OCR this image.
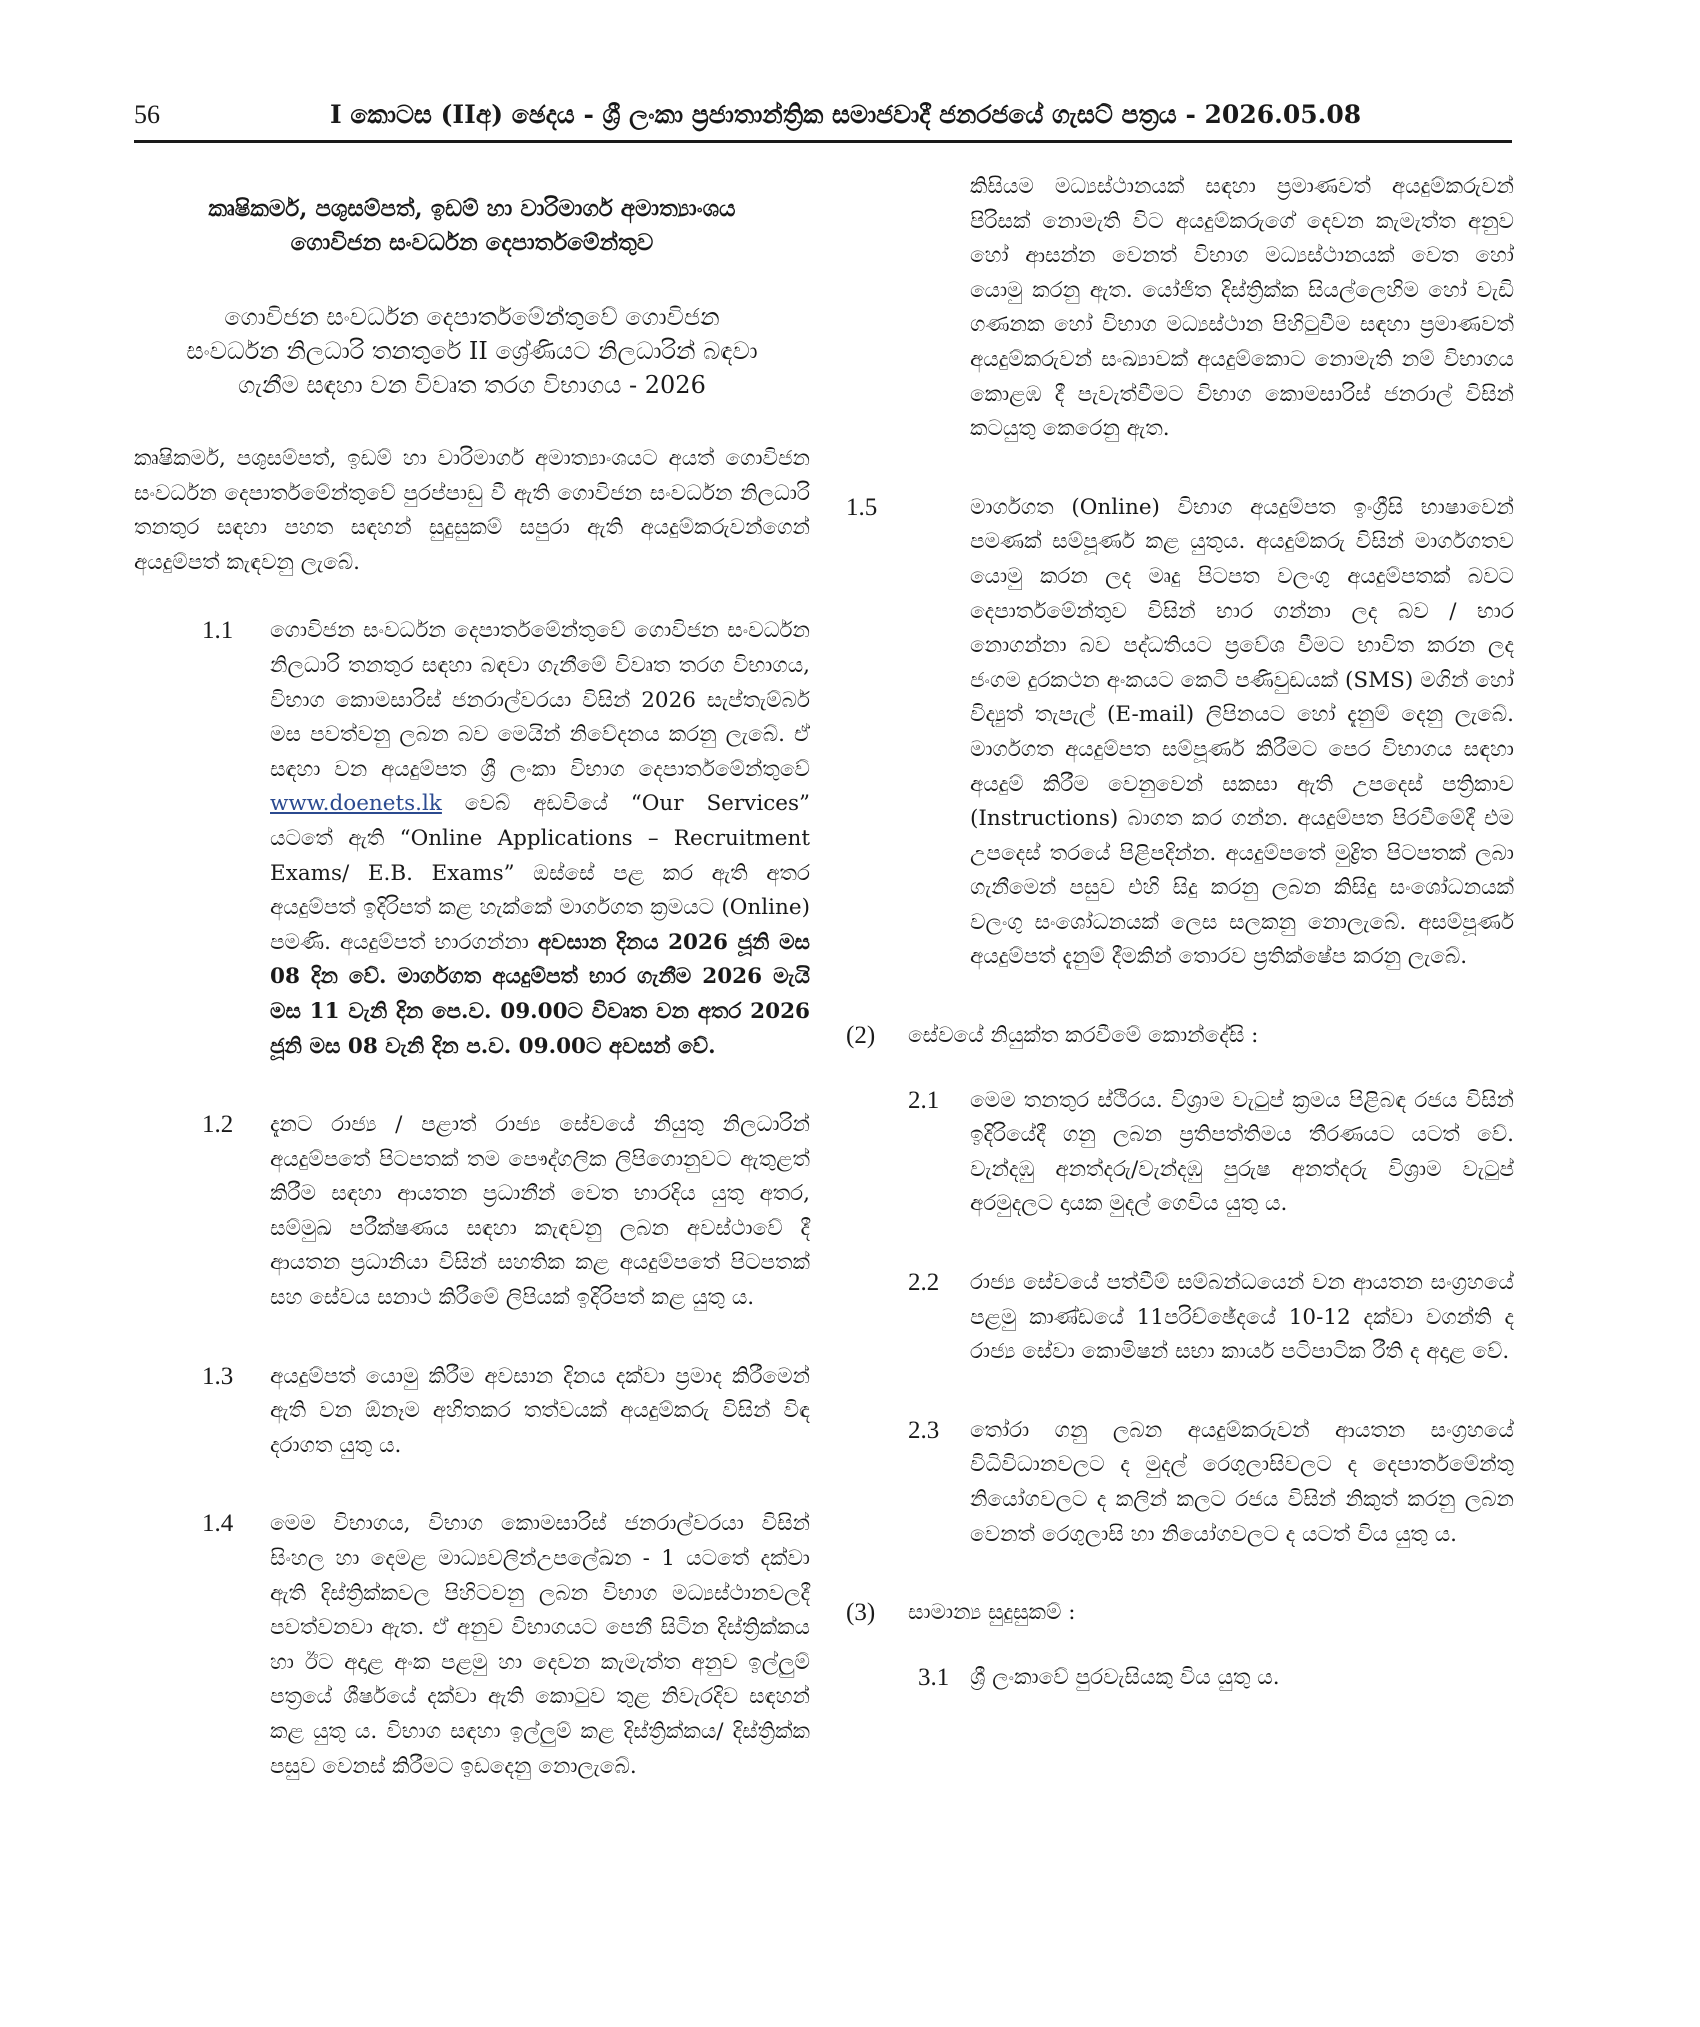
56	I කොටස (IIඅ) ඡෙදය - ශ්‍රී ලංකා ප්‍රජාතාන්ත්‍රික සමාජවාදී ජනරජයේ ගැසට් පත්‍රය - 2026.05.08
කෘෂිකර්ම, පශුසම්පත්, ඉඩම් හා වාරිමාර්ග අමාත්‍යාංශය
ගොවිජන සංවර්ධන දෙපාර්තමේන්තුව
ගොවිජන සංවර්ධන දෙපාර්තමේන්තුවේ ගොවිජන
සංවර්ධන නිලධාරි තනතුරේ II ශ්‍රේණියට නිලධාරින් බඳවා
ගැනීම සඳහා වන විවෘත තරග විභාගය - 2026

කෘෂිකර්ම, පශුසම්පත්, ඉඩම් හා වාරිමාර්ග අමාත්‍යාංශයට අයත් ගොවිජන සංවර්ධන දෙපාර්තමේන්තුවේ පුරප්පාඩු වී ඇති ගොවිජන සංවර්ධන නිලධාරි තනතුර සඳහා පහත සඳහන් සුදුසුකම් සපුරා ඇති අයදුම්කරුවන්ගෙන් අයදුම්පත් කැඳවනු ලැබේ.

1.1 ගොවිජන සංවර්ධන දෙපාර්තමේන්තුවේ ගොවිජන සංවර්ධන නිලධාරි තනතුර සඳහා බඳවා ගැනීමේ විවෘත තරග විභාගය, විභාග කොමසාරිස් ජනරාල්වරයා විසින් 2026 සැප්තැම්බර් මස පවත්වනු ලබන බව මෙයින් නිවේදනය කරනු ලැබේ. ඒ සඳහා වන අයදුම්පත ශ්‍රී ලංකා විභාග දෙපාර්තමේන්තුවේ www.doenets.lk වෙබ් අඩවියේ “Our Services” යටතේ ඇති “Online Applications – Recruitment Exams/ E.B. Exams” ඔස්සේ පළ කර ඇති අතර අයදුම්පත් ඉදිරිපත් කළ හැක්කේ මාර්ගගත ක්‍රමයට (Online) පමණි. අයදුම්පත් භාරගන්නා අවසාන දිනය 2026 ජූනි මස 08 දින වේ. මාර්ගගත අයදුම්පත් භාර ගැනීම 2026 මැයි මස 11 වැනි දින පෙ.ව. 09.00ට විවෘත වන අතර 2026 ජූනි මස 08 වැනි දින ප.ව. 09.00ට අවසන් වේ.
1.2 දැනට රාජ්‍ය / පළාත් රාජ්‍ය සේවයේ නියුතු නිලධාරින් අයදුම්පතේ පිටපතක් තම පෞද්ගලික ලිපිගොනුවට ඇතුළත් කිරීම සඳහා ආයතන ප්‍රධානීන් වෙත භාරදිය යුතු අතර, සම්මුඛ පරීක්ෂණය සඳහා කැඳවනු ලබන අවස්ථාවේ දී ආයතන ප්‍රධානියා විසින් සහතික කළ අයදුම්පතේ පිටපතක් සහ සේවය සනාථ කිරීමේ ලිපියක් ඉදිරිපත් කළ යුතු ය.
1.3 අයදුම්පත් යොමු කිරීම අවසාන දිනය දක්වා ප්‍රමාද කිරීමෙන් ඇති වන ඕනෑම අහිතකර තත්වයක් අයදුම්කරු විසින් විඳ දරාගත යුතු ය.
1.4 මෙම විභාගය, විභාග කොමසාරිස් ජනරාල්වරයා විසින් සිංහල හා දෙමළ මාධ්‍යවලින්උපලේඛන - 1 යටතේ දක්වා ඇති දිස්ත්‍රික්කවල පිහිටවනු ලබන විභාග මධ්‍යස්ථානවලදී පවත්වනවා ඇත. ඒ අනුව විභාගයට පෙනී සිටින දිස්ත්‍රික්කය හා ඊට අදාළ අංක පළමු හා දෙවන කැමැත්ත අනුව ඉල්ලුම් පත්‍රයේ ශීර්ෂයේ දක්වා ඇති කොටුව තුළ නිවැරදිව සඳහන් කළ යුතු ය. විභාග සඳහා ඉල්ලුම් කළ දිස්ත්‍රික්කය/ දිස්ත්‍රික්ක පසුව වෙනස් කිරීමට ඉඩදෙනු නොලැබේ.
කිසියම මධ්‍යස්ථානයක් සඳහා ප්‍රමාණවත් අයදුම්කරුවන් පිරිසක් නොමැති විට අයදුම්කරුගේ දෙවන කැමැත්ත අනුව හෝ ආසන්න වෙනත් විභාග මධ්‍යස්ථානයක් වෙත හෝ යොමු කරනු ඇත. යෝජිත දිස්ත්‍රික්ක සියල්ලෙහිම හෝ වැඩි ගණනක හෝ විභාග මධ්‍යස්ථාන පිහිටුවීම සඳහා ප්‍රමාණවත් අයදුම්කරුවන් සංඛ්‍යාවක් අයදුම්කොට නොමැති නම් විභාගය කොළඹ දී පැවැත්වීමට විභාග කොමසාරිස් ජනරාල් විසින් කටයුතු කෙරෙනු ඇත.
1.5	මාර්ගගත (Online) විභාග අයදුම්පත ඉංග්‍රීසි භාෂාවෙන් පමණක් සම්පූර්ණ කළ යුතුය. අයදුම්කරු විසින් මාර්ගගතව යොමු කරන ලද මෘදු පිටපත වලංගු අයදුම්පතක් බවට දෙපාර්තමේන්තුව විසින් භාර ගන්නා ලද බව / භාර නොගන්නා බව පද්ධතියට ප්‍රවේශ වීමට භාවිත කරන ලද ජංගම දුරකථන අංකයට කෙටි පණිවුඩයක් (SMS) මගින් හෝ විද්‍යුත් තැපැල් (E-mail) ලිපිනයට හෝ දැනුම් දෙනු ලැබේ. මාර්ගගත අයදුම්පත සම්පූර්ණ කිරීමට පෙර විභාගය සඳහා අයදුම් කිරීම වෙනුවෙන් සකසා ඇති උපදෙස් පත්‍රිකාව (Instructions) බාගත කර ගන්න. අයදුම්පත පිරවීමේදී එම උපදෙස් තරයේ පිළිපදින්න. අයදුම්පතේ මුද්‍රිත පිටපතක් ලබා ගැනීමෙන් පසුව එහි සිදු කරනු ලබන කිසිදු සංශෝධනයක් වලංගු සංශෝධනයක් ලෙස සලකනු නොලැබේ. අසම්පූර්ණ අයදුම්පත් දැනුම් දීමකින් තොරව ප්‍රතික්ෂේප කරනු ලැබේ.
(2) සේවයේ නියුක්ත කරවීමේ කොන්දේසි :
2.1 මෙම තනතුර ස්ථිරය. විශ්‍රාම වැටුප් ක්‍රමය පිළිබඳ රජය විසින් ඉදිරියේදී ගනු ලබන ප්‍රතිපත්තිමය තීරණයට යටත් වේ. වැන්දඹු අනත්දරු/වැන්දඹු පුරුෂ අනත්දරු විශ්‍රාම වැටුප් අරමුදලට දායක මුදල් ගෙවිය යුතු ය.
2.2 රාජ්‍ය සේවයේ පත්වීම් සම්බන්ධයෙන් වන ආයතන සංග්‍රහයේ පළමු කාණ්ඩයේ 11පරිච්ඡේදයේ 10-12 දක්වා වගන්ති ද රාජ්‍ය සේවා කොමිෂන් සභා කාර්ය පටිපාටික රීති ද අදාළ වේ.
2.3 තෝරා ගනු ලබන අයදුම්කරුවන් ආයතන සංග්‍රහයේ විධිවිධානවලට ද මුදල් රෙගුලාසිවලට ද දෙපාර්තමේන්තු නියෝගවලට ද කලින් කලට රජය විසින් නිකුත් කරනු ලබන වෙනත් රෙගුලාසි හා නියෝගවලට ද යටත් විය යුතු ය.
(3) සාමාන්‍ය සුදුසුකම් :
3.1 ශ්‍රී ලංකාවේ පුරවැසියකු විය යුතු ය.
